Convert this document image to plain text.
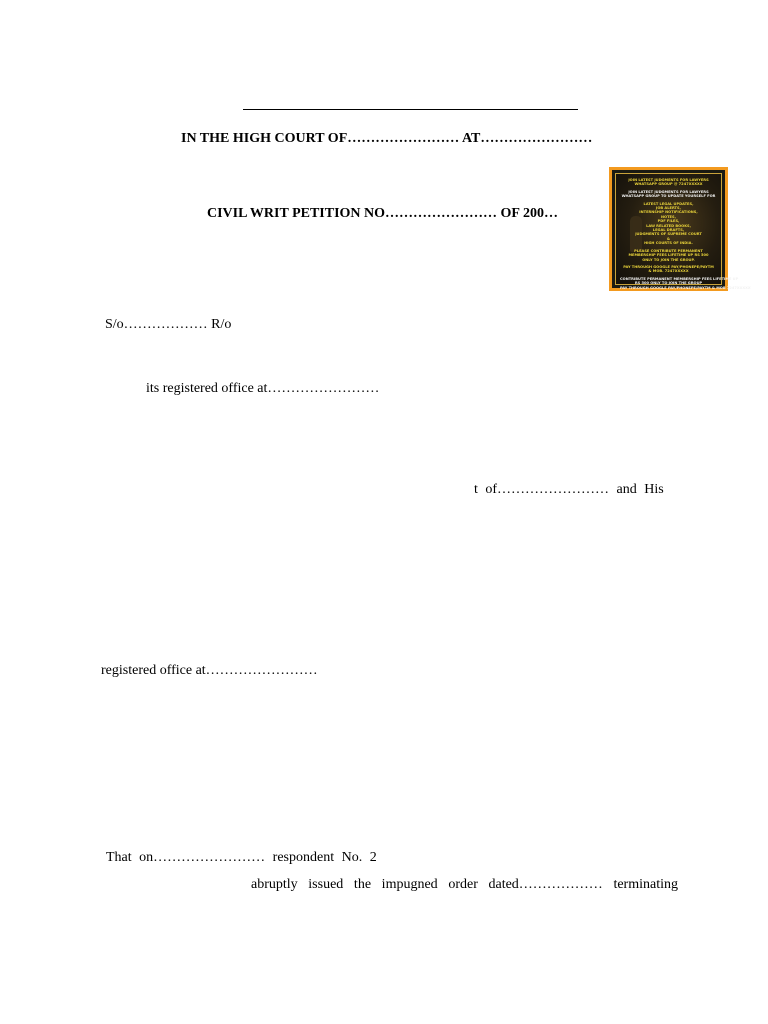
IN THE HIGH COURT OF…………………… AT……………………
CIVIL WRIT PETITION NO…………………… OF 200…
JOIN LATEST JUDGMENTS FOR LAWYERS
WHATSAPP GROUP @ 7247XXXXX
JOIN LATEST JUDGMENTS FOR LAWYERS
WHATSAPP GROUP TO UPDATE YOURSELF FOR
LATEST LEGAL UPDATES,
JOB ALERTS,
INTERNSHIP NOTIFICATIONS,
NOTES,
PDF FILES,
LAW RELATED BOOKS,
LEGAL DRAFTS,
JUDGMENTS OF SUPREME COURT
&
HIGH COURTS OF INDIA.
PLEASE CONTRIBUTE PERMANENT
MEMBERSHIP FEES LIFETIME UP RS 500
ONLY TO JOIN THE GROUP.
PAY THROUGH GOOGLE PAY/PHONEPE/PAYTM
& MOB. 7247XXXXX
CONTRIBUTE PERMANENT MEMBERSHIP FEES LIFETIME UP
RS 500 ONLY TO JOIN THE GROUP
PAY THROUGH GOOGLE PAY/PHONEPE/PAYTM & MOB 7247XXXXX
S/o……………… R/o
its registered office at……………………
t of…………………… and His
registered office at……………………
That on…………………… respondent No. 2
abruptly issued the impugned order dated……………… terminating
